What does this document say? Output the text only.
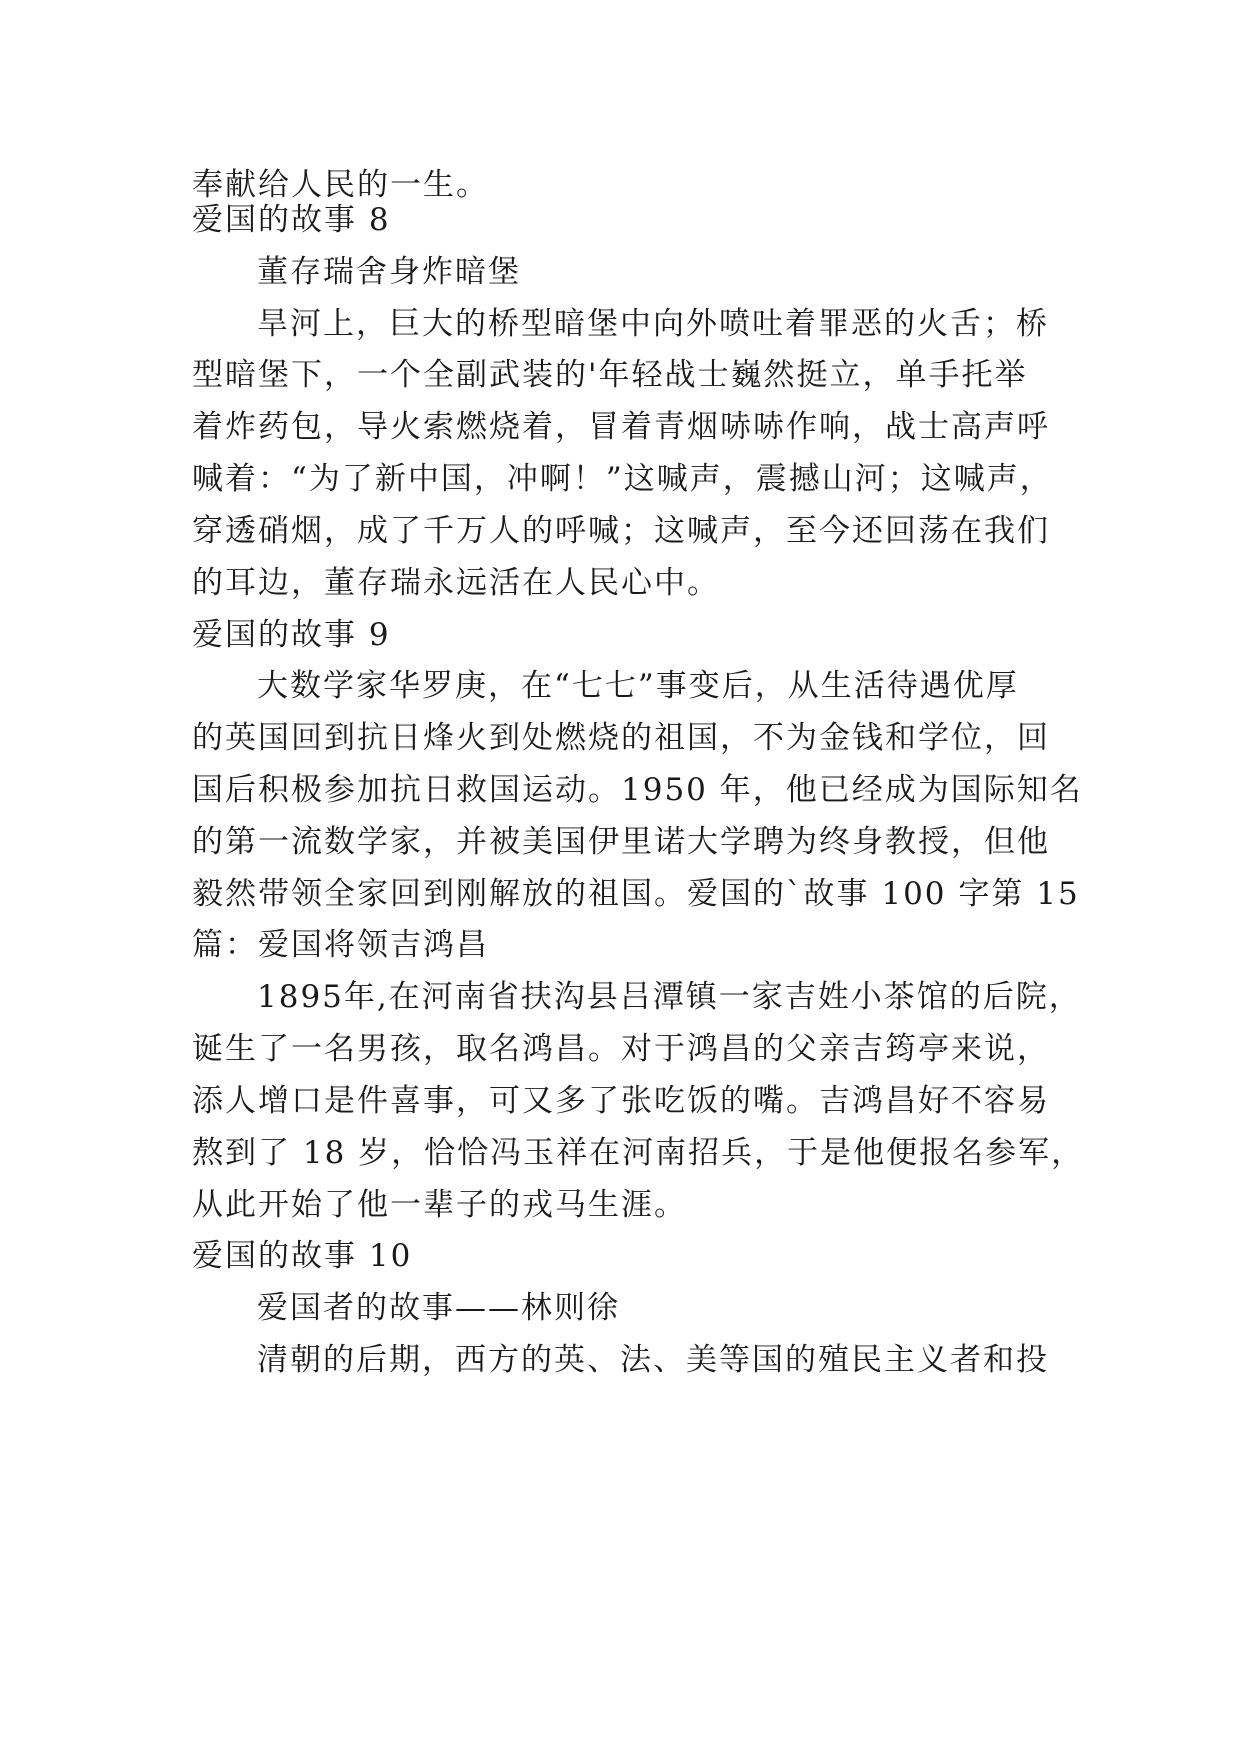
奉献给人民的一生。
爱国的故事 8
董存瑞舍身炸暗堡
旱河上，巨大的桥型暗堡中向外喷吐着罪恶的火舌；桥
型暗堡下，一个全副武装的'年轻战士巍然挺立，单手托举
着炸药包，导火索燃烧着，冒着青烟哧哧作响，战士高声呼
喊着：“为了新中国，冲啊！”这喊声，震撼山河；这喊声，
穿透硝烟，成了千万人的呼喊；这喊声，至今还回荡在我们
的耳边，董存瑞永远活在人民心中。
爱国的故事 9
大数学家华罗庚，在“七七”事变后，从生活待遇优厚
的英国回到抗日烽火到处燃烧的祖国，不为金钱和学位，回
国后积极参加抗日救国运动。1950 年，他已经成为国际知名
的第一流数学家，并被美国伊里诺大学聘为终身教授，但他
毅然带领全家回到刚解放的祖国。爱国的`故事 100 字第 15
篇：爱国将领吉鸿昌
1895年,在河南省扶沟县吕潭镇一家吉姓小茶馆的后院，
诞生了一名男孩，取名鸿昌。对于鸿昌的父亲吉筠亭来说，
添人增口是件喜事，可又多了张吃饭的嘴。吉鸿昌好不容易
熬到了 18 岁，恰恰冯玉祥在河南招兵，于是他便报名参军，
从此开始了他一辈子的戎马生涯。
爱国的故事 10
爱国者的故事——林则徐
清朝的后期，西方的英、法、美等国的殖民主义者和投
